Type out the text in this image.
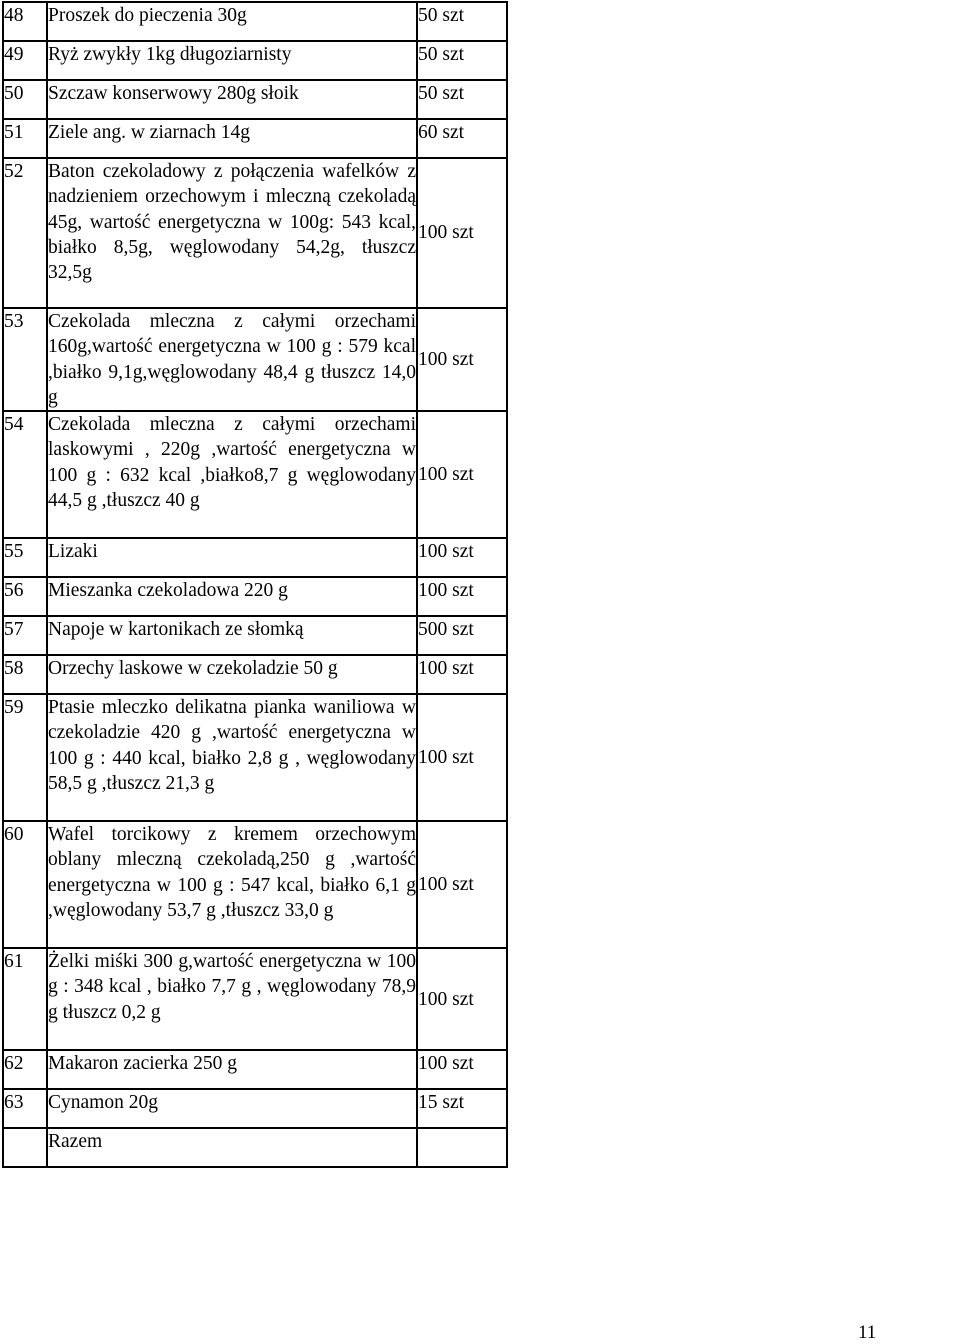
48	Proszek do pieczenia 30g	50 szt	
49	Ryż zwykły 1kg długoziarnisty	50 szt	
50	Szczaw konserwowy 280g słoik	50 szt	
51	Ziele ang. w ziarnach 14g	60 szt	
52	Baton czekoladowy z połączenia wafelków z nadzieniem orzechowym i mleczną czekoladą 45g, wartość energetyczna w 100g: 543 kcal, białko 8,5g, węglowodany 54,2g, tłuszcz 32,5g	100 szt	
53	Czekolada mleczna z całymi orzechami 160g,wartość energetyczna w 100 g : 579 kcal ,białko 9,1g,węglowodany 48,4 g tłuszcz 14,0 g	100 szt	
54	Czekolada mleczna z całymi orzechami laskowymi , 220g ,wartość energetyczna w 100 g : 632 kcal ,białko8,7 g węglowodany 44,5 g ,tłuszcz 40 g	100 szt	
55	Lizaki	100 szt	
56	Mieszanka czekoladowa 220 g	100 szt	
57	Napoje w kartonikach ze słomką	500 szt	
58	Orzechy laskowe w czekoladzie 50 g	100 szt	
59	Ptasie mleczko delikatna pianka waniliowa w czekoladzie 420 g ,wartość energetyczna w 100 g : 440 kcal, białko 2,8 g , węglowodany 58,5 g ,tłuszcz 21,3 g	100 szt	
60	Wafel torcikowy z kremem orzechowym oblany mleczną czekoladą,250 g ,wartość energetyczna w 100 g : 547 kcal, białko 6,1 g ,węglowodany 53,7 g ,tłuszcz 33,0 g	100 szt	
61	Żelki miśki 300 g,wartość energetyczna w 100 g : 348 kcal , białko 7,7 g , węglowodany 78,9 g tłuszcz 0,2 g	100 szt	
62	Makaron zacierka 250 g	100 szt	
63	Cynamon 20g	15 szt	
	Razem		
11
